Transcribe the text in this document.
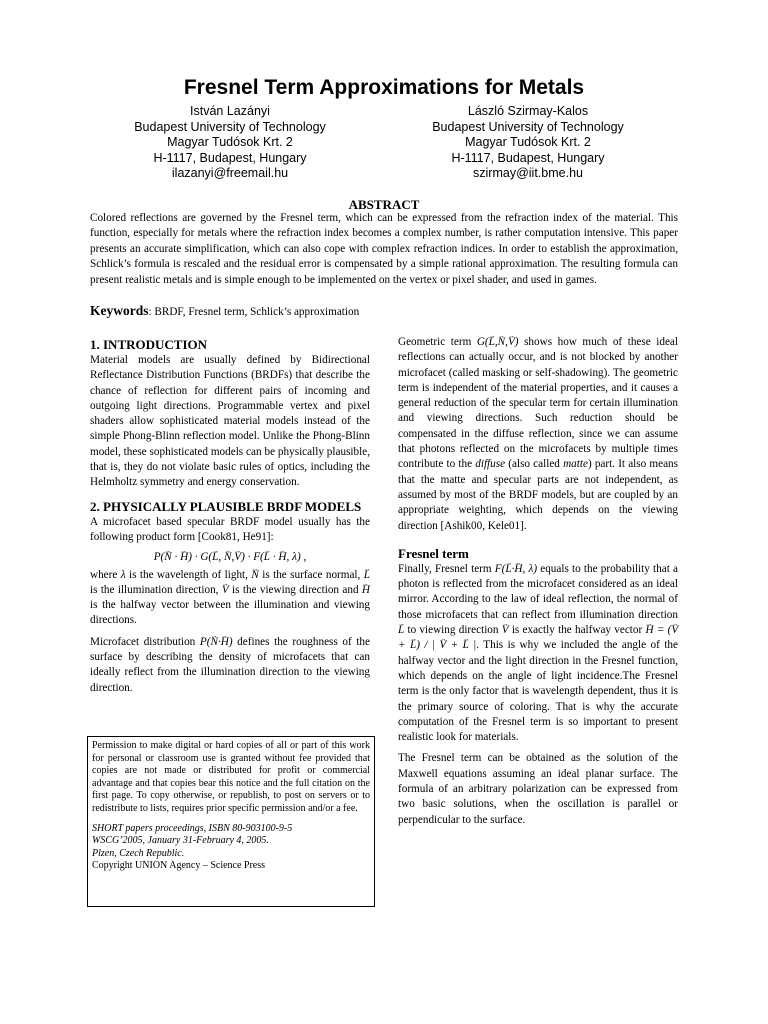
Fresnel Term Approximations for Metals
István Lazányi
Budapest University of Technology
Magyar Tudósok Krt. 2
H-1117, Budapest, Hungary
ilazanyi@freemail.hu
László Szirmay-Kalos
Budapest University of Technology
Magyar Tudósok Krt. 2
H-1117, Budapest, Hungary
szirmay@iit.bme.hu
ABSTRACT

Colored reflections are governed by the Fresnel term, which can be expressed from the refraction index of the material. This function, especially for metals where the refraction index becomes a complex number, is rather computation intensive. This paper presents an accurate simplification, which can also cope with complex refraction indices. In order to establish the approximation, Schlick’s formula is rescaled and the residual error is compensated by a simple rational approximation. The resulting formula can present realistic metals and is simple enough to be implemented on the vertex or pixel shader, and used in games.

Keywords: BRDF, Fresnel term, Schlick’s approximation

1. INTRODUCTION

Material models are usually defined by Bidirectional Reflectance Distribution Functions (BRDFs) that describe the chance of reflection for different pairs of incoming and outgoing light directions. Programmable vertex and pixel shaders allow sophisticated material models instead of the simple Phong-Blinn reflection model. Unlike the Phong-Blinn model, these sophisticated models can be physically plausible, that is, they do not violate basic rules of optics, including the Helmholtz symmetry and energy conservation.

2. PHYSICALLY PLAUSIBLE BRDF MODELS

A microfacet based specular BRDF model usually has the following product form [Cook81, He91]:

P(→ N · → H) · G(→ L, → N,→ V) · F(→ L · → H, λ) ,

where λ is the wavelength of light, → N is the surface normal, → L is the illumination direction, → V is the viewing direction and → H is the halfway vector between the illumination and viewing directions.

Microfacet distribution P(→ N·→ H) defines the roughness of the surface by describing the density of microfacets that can ideally reflect from the illumination direction to the viewing direction.

Permission to make digital or hard copies of all or part of this work for personal or classroom use is granted without fee provided that copies are not made or distributed for profit or commercial advantage and that copies bear this notice and the full citation on the first page. To copy otherwise, or republish, to post on servers or to redistribute to lists, requires prior specific permission and/or a fee.

SHORT papers proceedings, ISBN 80-903100-9-5

WSCG’2005, January 31-February 4, 2005.

Plzen, Czech Republic.

Copyright UNION Agency – Science Press

Geometric term G(→ L,→ N,→ V) shows how much of these ideal reflections can actually occur, and is not blocked by another microfacet (called masking or self-shadowing). The geometric term is independent of the material properties, and it causes a general reduction of the specular term for certain illumination and viewing directions. Such reduction should be compensated in the diffuse reflection, since we can assume that photons reflected on the microfacets by multiple times contribute to the diffuse (also called matte) part. It also means that the matte and specular parts are not independent, as assumed by most of the BRDF models, but are coupled by an appropriate weighting, which depends on the viewing direction [Ashik00, Kele01].

Fresnel term

Finally, Fresnel term F(→ L·→ H, λ) equals to the probability that a photon is reflected from the microfacet considered as an ideal mirror. According to the law of ideal reflection, the normal of those microfacets that can reflect from illumination direction → L to viewing direction → V is exactly the halfway vector → H = (→ V + → L) / | → V + → L |. This is why we included the angle of the halfway vector and the light direction in the Fresnel function, which depends on the angle of light incidence.The Fresnel term is the only factor that is wavelength dependent, thus it is the primary source of coloring. That is why the accurate computation of the Fresnel term is so important to present realistic look for materials.

The Fresnel term can be obtained as the solution of the Maxwell equations assuming an ideal planar surface. The formula of an arbitrary polarization can be expressed from two basic solutions, when the oscillation is parallel or perpendicular to the surface.
